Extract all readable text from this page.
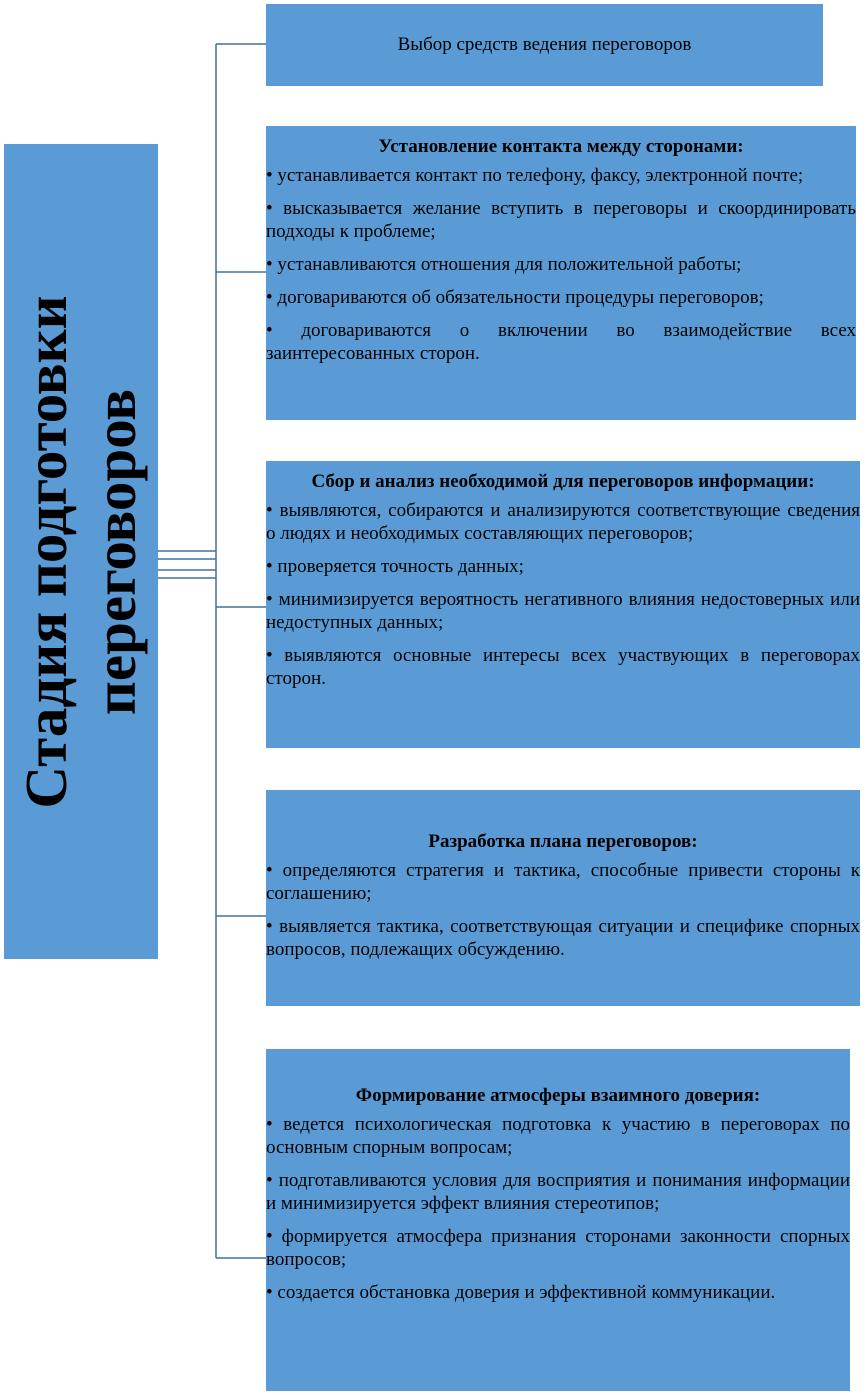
Стадия подготовки переговоров
Выбор средств ведения переговоров

Установление контакта между сторонами:

• устанавливается контакт по телефону, факсу, электронной почте;

• высказывается желание вступить в переговоры и скоординировать подходы к проблеме;

• устанавливаются отношения для положительной работы;

• договариваются об обязательности процедуры переговоров;

• договариваются о включении во взаимодействие всех заинтересованных сторон.

Сбор и анализ необходимой для переговоров информации:

• выявляются, собираются и анализируются соответствующие сведения о людях и необходимых составляющих переговоров;

• проверяется точность данных;

• минимизируется вероятность негативного влияния недостоверных или недоступных данных;

• выявляются основные интересы всех участвующих в переговорах сторон.

Разработка плана переговоров:

• определяются стратегия и тактика, способные привести стороны к соглашению;

• выявляется тактика, соответствующая ситуации и специфике спорных вопросов, подлежащих обсуждению.

Формирование атмосферы взаимного доверия:

• ведется психологическая подготовка к участию в переговорах по основным спорным вопросам;

• подготавливаются условия для восприятия и понимания информации и минимизируется эффект влияния стереотипов;

• формируется атмосфера признания сторонами законности спорных вопросов;

• создается обстановка доверия и эффективной коммуникации.
